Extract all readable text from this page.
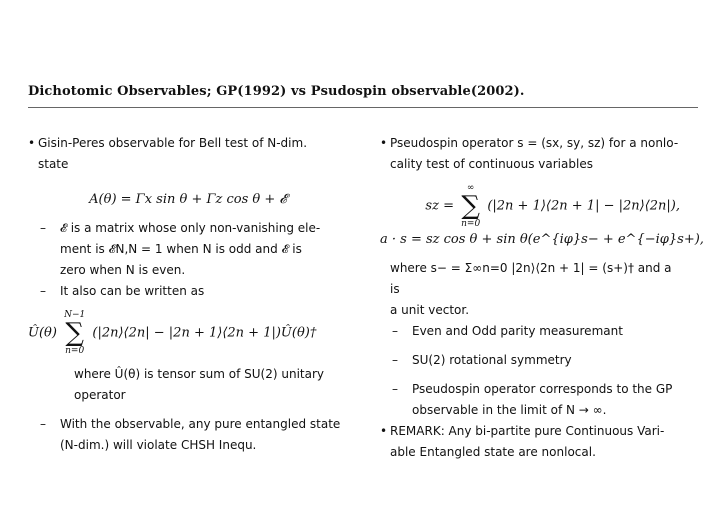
Dichotomic Observables; GP(1992) vs Psudospin observable(2002).
• Gisin-Peres observable for Bell test of N-dim.
state
A(θ) = Γx sin θ + Γz cos θ + 𝓔
– 𝓔 is a matrix whose only non-vanishing ele-
ment is 𝓔N,N = 1 when N is odd and 𝓔 is
zero when N is even.
– It also can be written as
Û(θ)
N−1
∑
n=0
(|2n⟩⟨2n| − |2n + 1⟩⟨2n + 1|)Û(θ)†
where Û(θ) is tensor sum of SU(2) unitary
operator
– With the observable, any pure entangled state
(N-dim.) will violate CHSH Inequ.
• Pseudospin operator s = (sx, sy, sz) for a nonlo-
cality test of continuous variables
sz =
∞
∑
n=0
(|2n + 1⟩⟨2n + 1| − |2n⟩⟨2n|),
a · s = sz cos θ + sin θ(e^{iφ}s− + e^{−iφ}s+),
where s− = Σ∞n=0 |2n⟩⟨2n + 1| = (s+)† and a is
a unit vector.
– Even and Odd parity measuremant
– SU(2) rotational symmetry
– Pseudospin operator corresponds to the GP
observable in the limit of N → ∞.
• REMARK: Any bi-partite pure Continuous Vari-
able Entangled state are nonlocal.
